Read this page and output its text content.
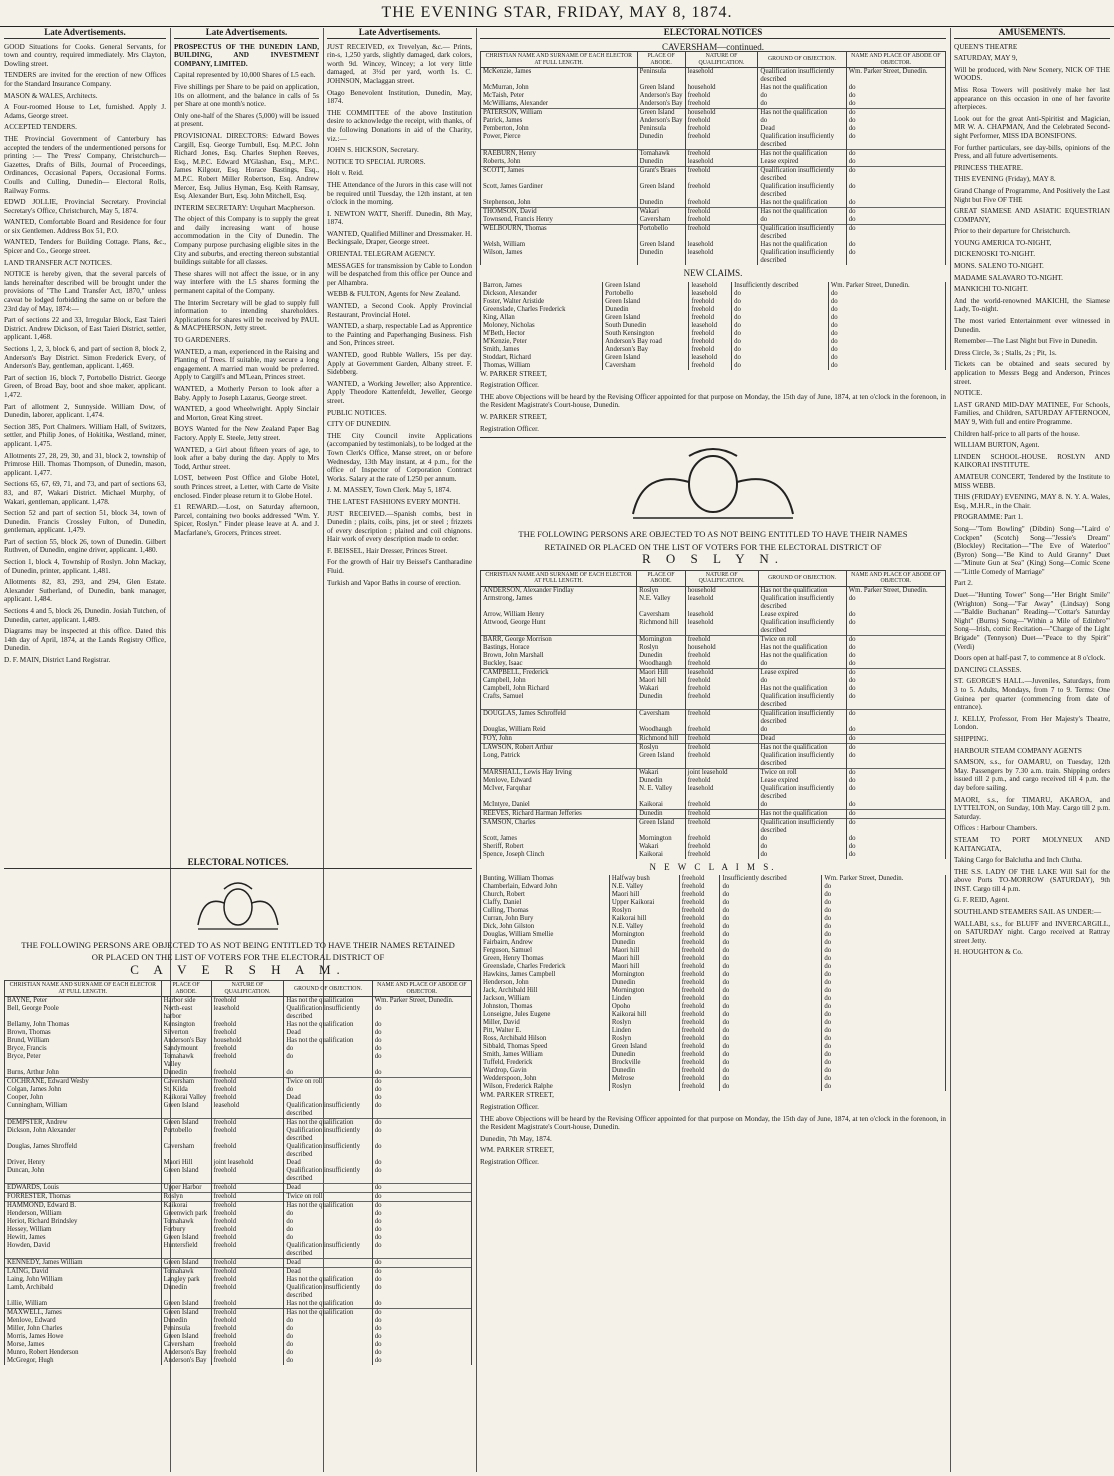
THE EVENING STAR, FRIDAY, MAY 8, 1874.
Late Advertisements.

GOOD Situations for Cooks. General Servants, for town and country, required immediately. Mrs Clayton, Dowling street.

TENDERS are invited for the erection of new Offices for the Standard Insurance Company.

MASON & WALES, Architects.

A Four-roomed House to Let, furnished. Apply J. Adams, George street.

ACCEPTED TENDERS.

THE Provincial Government of Canterbury has accepted the tenders of the undermentioned persons for printing :— The 'Press' Company, Christchurch— Gazettes, Drafts of Bills, Journal of Proceedings, Ordinances, Occasional Papers, Occasional Forms. Coulls and Culling, Dunedin— Electoral Rolls, Railway Forms.

EDWD JOLLIE, Provincial Secretary. Provincial Secretary's Office, Christchurch, May 5, 1874.

WANTED, Comfortable Board and Residence for four or six Gentlemen. Address Box 51, P.O.

WANTED, Tenders for Building Cottage. Plans, &c., Spicer and Co., George street.

LAND TRANSFER ACT NOTICES.

NOTICE is hereby given, that the several parcels of lands hereinafter described will be brought under the provisions of "The Land Transfer Act, 1870," unless caveat be lodged forbidding the same on or before the 23rd day of May, 1874:—

Part of sections 22 and 33, Irregular Block, East Taieri District. Andrew Dickson, of East Taieri District, settler, applicant. 1,468.

Sections 1, 2, 3, block 6, and part of section 8, block 2, Anderson's Bay District. Simon Frederick Every, of Anderson's Bay, gentleman, applicant. 1,469.

Part of section 16, block 7, Portobello District. George Green, of Broad Bay, boot and shoe maker, applicant. 1,472.

Part of allotment 2, Sunnyside. William Dow, of Dunedin, laborer, applicant. 1,474.

Section 385, Port Chalmers. William Hall, of Switzers, settler, and Philip Jones, of Hokitika, Westland, miner, applicant. 1,475.

Allotments 27, 28, 29, 30, and 31, block 2, township of Primrose Hill. Thomas Thompson, of Dunedin, mason, applicant. 1,477.

Sections 65, 67, 69, 71, and 73, and part of sections 63, 83, and 87, Wakari District. Michael Murphy, of Wakari, gentleman, applicant. 1,478.

Section 52 and part of section 51, block 34, town of Dunedin. Francis Crossley Fulton, of Dunedin, gentleman, applicant. 1,479.

Part of section 55, block 26, town of Dunedin. Gilbert Ruthven, of Dunedin, engine driver, applicant. 1,480.

Section 1, block 4, Township of Roslyn. John Mackay, of Dunedin, printer, applicant. 1,481.

Allotments 82, 83, 293, and 294, Glen Estate. Alexander Sutherland, of Dunedin, bank manager, applicant. 1,484.

Sections 4 and 5, block 26, Dunedin. Josiah Tutchen, of Dunedin, carter, applicant. 1,489.

Diagrams may be inspected at this office. Dated this 14th day of April, 1874, at the Lands Registry Office, Dunedin.

D. F. MAIN, District Land Registrar.

Late Advertisements.

PROSPECTUS OF THE DUNEDIN LAND, BUILDING, AND INVESTMENT COMPANY, LIMITED.

Capital represented by 10,000 Shares of L5 each.

Five shillings per Share to be paid on application, 10s on allotment, and the balance in calls of 5s per Share at one month's notice.

Only one-half of the Shares (5,000) will be issued at present.

PROVISIONAL DIRECTORS: Edward Bowes Cargill, Esq. George Turnbull, Esq. M.P.C. John Richard Jones, Esq. Charles Stephen Reeves, Esq., M.P.C. Edward M'Glashan, Esq., M.P.C. James Kilgour, Esq. Horace Bastings, Esq., M.P.C. Robert Miller Robertson, Esq. Andrew Mercer, Esq. Julius Hyman, Esq. Keith Ramsay, Esq. Alexander Burt, Esq. John Mitchell, Esq.

INTERIM SECRETARY: Urquhart Macpherson.

The object of this Company is to supply the great and daily increasing want of house accommodation in the City of Dunedin. The Company purpose purchasing eligible sites in the City and suburbs, and erecting thereon substantial buildings suitable for all classes.

These shares will not affect the issue, or in any way interfere with the L5 shares forming the permanent capital of the Company.

The Interim Secretary will be glad to supply full information to intending shareholders. Applications for shares will be received by PAUL & MACPHERSON, Jetty street.

TO GARDENERS.

WANTED, a man, experienced in the Raising and Planting of Trees. If suitable, may secure a long engagement. A married man would be preferred. Apply to Cargill's and M'Lean, Princes street.

WANTED, a Motherly Person to look after a Baby. Apply to Joseph Lazarus, George street.

WANTED, a good Wheelwright. Apply Sinclair and Morton, Great King street.

BOYS Wanted for the New Zealand Paper Bag Factory. Apply E. Steele, Jetty street.

WANTED, a Girl about fifteen years of age, to look after a baby during the day. Apply to Mrs Todd, Arthur street.

LOST, between Post Office and Globe Hotel, south Princes street, a Letter, with Carte de Visite enclosed. Finder please return it to Globe Hotel.

£1 REWARD.—Lost, on Saturday afternoon, Parcel, containing two books addressed "Wm. Y. Spicer, Roslyn." Finder please leave at A. and J. Macfarlane's, Grocers, Princes street.

Late Advertisements.

JUST RECEIVED, ex Trevelyan, &c.— Prints, rin-s, 1,250 yards, slightly damaged, dark colors, worth 9d. Wincey, Wincey; a lot very little damaged, at 3½d per yard, worth 1s. C. JOHNSON, Maclaggan street.

Otago Benevolent Institution, Dunedin, May, 1874.

THE COMMITTEE of the above Institution desire to acknowledge the receipt, with thanks, of the following Donations in aid of the Charity, viz.:—

JOHN S. HICKSON, Secretary.

NOTICE TO SPECIAL JURORS.

Holt v. Reid.

THE Attendance of the Jurors in this case will not be required until Tuesday, the 12th instant, at ten o'clock in the morning.

I. NEWTON WATT, Sheriff. Dunedin, 8th May, 1874.

WANTED, Qualified Milliner and Dressmaker. H. Beckingsale, Draper, George street.

ORIENTAL TELEGRAM AGENCY.

MESSAGES for transmission by Cable to London will be despatched from this office per Ounce and per Alhambra.

WEBB & FULTON, Agents for New Zealand.

WANTED, a Second Cook. Apply Provincial Restaurant, Provincial Hotel.

WANTED, a sharp, respectable Lad as Apprentice to the Painting and Paperhanging Business. Fish and Son, Princes street.

WANTED, good Rubble Wallers, 15s per day. Apply at Government Garden, Albany street. F. Sidebberg.

WANTED, a Working Jeweller; also Apprentice. Apply Theodore Kattenfeldt, Jeweller, George street.

PUBLIC NOTICES.

CITY OF DUNEDIN.

THE City Council invite Applications (accompanied by testimonials), to be lodged at the Town Clerk's Office, Manse street, on or before Wednesday, 13th May instant, at 4 p.m., for the office of Inspector of Corporation Contract Works. Salary at the rate of L250 per annum.

J. M. MASSEY, Town Clerk. May 5, 1874.

THE LATEST FASHIONS EVERY MONTH.

JUST RECEIVED.—Spanish combs, best in Dunedin ; plaits, coils, pins, jet or steel ; frizzets of every description ; plaited and coil chignons. Hair work of every description made to order.

F. BEISSEL, Hair Dresser, Princes Street.

For the growth of Hair try Beissel's Cantharadine Fluid.

Turkish and Vapor Baths in course of erection.

ELECTORAL NOTICES.
THE FOLLOWING PERSONS ARE OBJECTED TO AS NOT BEING ENTITLED TO HAVE THEIR NAMES RETAINED
OR PLACED ON THE LIST OF VOTERS FOR THE ELECTORAL DISTRICT OF
C A V E R S H A M.
CHRISTIAN NAME AND SURNAME OF EACH ELECTOR AT FULL LENGTH.	PLACE OF ABODE.	NATURE OF QUALIFICATION.	GROUND OF OBJECTION.	NAME AND PLACE OF ABODE OF OBJECTOR.
BAYNE, Peter	Harbor side	freehold	Has not the qualification	Wm. Parker Street, Dunedin.
Bell, George Poole	North-east harbor	leasehold	Qualification insufficiently described	do
Bellamy, John Thomas	Kensington	freehold	Has not the qualification	do
Brown, Thomas	Silverton	freehold	Dead	do
Brund, William	Anderson's Bay	household	Has not the qualification	do
Bryce, Francis	Sandymount	freehold	do	do
Bryce, Peter	Tomahawk Valley	freehold	do	do
Burns, Arthur John	Dunedin	freehold	do	do
COCHRANE, Edward Wesby	Caversham	freehold	Twice on roll	do
Colgan, James John	St. Kilda	freehold	do	do
Cooper, John	Kaikorai Valley	freehold	Dead	do
Cunningham, William	Green Island	leasehold	Qualification insufficiently described	do
DEMPSTER, Andrew	Green Island	freehold	Has not the qualification	do
Dickson, John Alexander	Portobello	freehold	Qualification insufficiently described	do
Douglas, James Shroffeld	Caversham	freehold	Qualification insufficiently described	do
Driver, Henry	Maori Hill	joint leasehold	Dead	do
Duncan, John	Green Island	freehold	Qualification insufficiently described	do
EDWARDS, Louis	Upper Harbor	freehold	Dead	do
FORRESTER, Thomas	Roslyn	freehold	Twice on roll	do
HAMMOND, Edward B.	Kaikorai	freehold	Has not the qualification	do
Henderson, William	Greenwich park	freehold	do	do
Heriot, Richard Brindsley	Tomahawk	freehold	do	do
Hessey, William	Forbury	freehold	do	do
Hewitt, James	Green Island	freehold	do	do
Howden, David	Huntersfield	freehold	Qualification insufficiently described	do
KENNEDY, James William	Green Island	freehold	Dead	do
LAING, David	Tomahawk	freehold	Dead	do
Laing, John William	Langley park	freehold	Has not the qualification	do
Lamb, Archibald	Dunedin	freehold	Qualification insufficiently described	do
Lillie, William	Green Island	freehold	Has not the qualification	do
MAXWELL, James	Green Island	freehold	Has not the qualification	do
Menlove, Edward	Dunedin	freehold	do	do
Miller, John Charles	Peninsula	freehold	do	do
Morris, James Howe	Green Island	freehold	do	do
Morse, James	Caversham	freehold	do	do
Munro, Robert Henderson	Anderson's Bay	freehold	do	do
McGregor, Hugh	Anderson's Bay	freehold	do	do
ELECTORAL NOTICES
CAVERSHAM—continued.
CHRISTIAN NAME AND SURNAME OF EACH ELECTOR AT FULL LENGTH.	PLACE OF ABODE.	NATURE OF QUALIFICATION.	GROUND OF OBJECTION.	NAME AND PLACE OF ABODE OF OBJECTOR.
McKenzie, James	Peninsula	leasehold	Qualification insufficiently described	Wm. Parker Street, Dunedin.
McMurran, John	Green Island	household	Has not the qualification	do
McTaish, Peter	Anderson's Bay	freehold	do	do
McWilliams, Alexander	Anderson's Bay	freehold	do	do
PATERSON, William	Green Island	household	Has not the qualification	do
Patrick, James	Anderson's Bay	freehold	do	do
Pemberton, John	Peninsula	freehold	Dead	do
Power, Pierce	Dunedin	freehold	Qualification insufficiently described	do
RAEBURN, Henry	Tomahawk	freehold	Has not the qualification	do
Roberts, John	Dunedin	leasehold	Lease expired	do
SCOTT, James	Grant's Braes	freehold	Qualification insufficiently described	do
Scott, James Gardiner	Green Island	freehold	Qualification insufficiently described	do
Stephenson, John	Dunedin	freehold	Has not the qualification	do
THOMSON, David	Wakari	freehold	Has not the qualification	do
Townsend, Francis Henry	Caversham	freehold	do	do
WELBOURN, Thomas	Portobello	freehold	Qualification insufficiently described	do
Welsh, William	Green Island	leasehold	Has not the qualification	do
Wilson, James	Dunedin	leasehold	Qualification insufficiently described	do
NEW CLAIMS.
Barron, James	Green Island	leasehold	Insufficiently described	Wm. Parker Street, Dunedin.
Dickson, Alexander	Portobello	leasehold	do	do
Foster, Walter Aristide	Green Island	freehold	do	do
Greenslade, Charles Frederick	Dunedin	freehold	do	do
King, Allan	Green Island	freehold	do	do
Moloney, Nicholas	South Dunedin	leasehold	do	do
M'Beth, Hector	South Kensington	freehold	do	do
M'Kenzie, Peter	Anderson's Bay road	freehold	do	do
Smith, James	Anderson's Bay	freehold	do	do
Stoddart, Richard	Green Island	leasehold	do	do
Thomas, William	Caversham	freehold	do	do

W. PARKER STREET,

Registration Officer.

THE above Objections will be heard by the Revising Officer appointed for that purpose on Monday, the 15th day of June, 1874, at ten o'clock in the forenoon, in the Resident Magistrate's Court-house, Dunedin.

W. PARKER STREET,

Registration Officer.

THE FOLLOWING PERSONS ARE OBJECTED TO AS NOT BEING ENTITLED TO HAVE THEIR NAMES
RETAINED OR PLACED ON THE LIST OF VOTERS FOR THE ELECTORAL DISTRICT OF
R O S L Y N.
CHRISTIAN NAME AND SURNAME OF EACH ELECTOR AT FULL LENGTH.	PLACE OF ABODE.	NATURE OF QUALIFICATION.	GROUND OF OBJECTION.	NAME AND PLACE OF ABODE OF OBJECTOR.
ANDERSON, Alexander Findlay	Roslyn	household	Has not the qualification	Wm. Parker Street, Dunedin.
Armstrong, James	N.E. Valley	leasehold	Qualification insufficiently described	do
Arrow, William Henry	Caversham	leasehold	Lease expired	do
Attwood, George Hunt	Richmond hill	leasehold	Qualification insufficiently described	do
BARR, George Morrison	Mornington	freehold	Twice on roll	do
Bastings, Horace	Roslyn	household	Has not the qualification	do
Brown, John Marshall	Dunedin	freehold	Has not the qualification	do
Buckley, Isaac	Woodhaugh	freehold	do	do
CAMPBELL, Frederick	Maori Hill	leasehold	Lease expired	do
Campbell, John	Maori hill	freehold	do	do
Campbell, John Richard	Wakari	freehold	Has not the qualification	do
Crafts, Samuel	Dunedin	freehold	Qualification insufficiently described	do
DOUGLAS, James Schroffeld	Caversham	freehold	Qualification insufficiently described	do
Douglas, William Reid	Woodhaugh	freehold	do	do
FOY, John	Richmond hill	freehold	Dead	do
LAWSON, Robert Arthur	Roslyn	freehold	Has not the qualification	do
Long, Patrick	Green Island	freehold	Qualification insufficiently described	do
MARSHALL, Lewis Hay Irving	Wakari	joint leasehold	Twice on roll	do
Menlove, Edward	Dunedin	freehold	Lease expired	do
McIver, Farquhar	N. E. Valley	leasehold	Qualification insufficiently described	do
McIntyre, Daniel	Kaikorai	freehold	do	do
REEVES, Richard Harman Jefferies	Dunedin	freehold	Has not the qualification	do
SAMSON, Charles	Green Island	freehold	Qualification insufficiently described	do
Scott, James	Mornington	freehold	do	do
Sheriff, Robert	Wakari	freehold	do	do
Spence, Joseph Clinch	Kaikorai	freehold	do	do
N E W C L A I M S.
Bunting, William Thomas	Halfway bush	freehold	Insufficiently described	Wm. Parker Street, Dunedin.
Chamberlain, Edward John	N.E. Valley	freehold	do	do
Church, Robert	Maori hill	freehold	do	do
Claffy, Daniel	Upper Kaikorai	freehold	do	do
Culling, Thomas	Roslyn	freehold	do	do
Curran, John Bury	Kaikorai hill	freehold	do	do
Dick, John Gilston	N.E. Valley	freehold	do	do
Douglas, William Smellie	Mornington	freehold	do	do
Fairbairn, Andrew	Dunedin	freehold	do	do
Ferguson, Samuel	Maori hill	freehold	do	do
Green, Henry Thomas	Maori hill	freehold	do	do
Greenslade, Charles Frederick	Maori hill	freehold	do	do
Hawkins, James Campbell	Mornington	freehold	do	do
Henderson, John	Dunedin	freehold	do	do
Jack, Archibald Hill	Mornington	freehold	do	do
Jackson, William	Linden	freehold	do	do
Johnston, Thomas	Opoho	freehold	do	do
Lonseigne, Jules Eugene	Kaikorai hill	freehold	do	do
Miller, David	Roslyn	freehold	do	do
Pitt, Walter E.	Linden	freehold	do	do
Ross, Archibald Hilson	Roslyn	freehold	do	do
Sibbald, Thomas Speed	Green Island	freehold	do	do
Smith, James William	Dunedin	freehold	do	do
Tuffeld, Frederick	Brockville	freehold	do	do
Wardrop, Gavin	Dunedin	freehold	do	do
Wedderspoon, John	Melrose	freehold	do	do
Wilson, Frederick Ralphe	Roslyn	freehold	do	do

WM. PARKER STREET,

Registration Officer.

THE above Objections will be heard by the Revising Officer appointed for that purpose on Monday, the 15th day of June, 1874, at ten o'clock in the forenoon, in the Resident Magistrate's Court-house, Dunedin.

Dunedin, 7th May, 1874.

WM. PARKER STREET,

Registration Officer.

AMUSEMENTS.

QUEEN'S THEATRE

SATURDAY, MAY 9,

Will be produced, with New Scenery, NICK OF THE WOODS.

Miss Rosa Towers will positively make her last appearance on this occasion in one of her favorite afterpieces.

Look out for the great Anti-Spiritist and Magician, MR W. A. CHAPMAN, And the Celebrated Second-sight Performer, MISS IDA BONSIFONS.

For further particulars, see day-bills, opinions of the Press, and all future advertisements.

PRINCESS THEATRE.

THIS EVENING (Friday), MAY 8.

Grand Change of Programme, And Positively the Last Night but Five OF THE

GREAT SIAMESE AND ASIATIC EQUESTRIAN COMPANY,

Prior to their departure for Christchurch.

YOUNG AMERICA TO-NIGHT,

DICKENOSKI TO-NIGHT.

MONS. SALENO TO-NIGHT.

MADAME SALAVARO TO-NIGHT.

MANKICHI TO-NIGHT.

And the world-renowned MAKICHI, the Siamese Lady, To-night.

The most varied Entertainment ever witnessed in Dunedin.

Remember—The Last Night but Five in Dunedin.

Dress Circle, 3s ; Stalls, 2s ; Pit, 1s.

Tickets can be obtained and seats secured by application to Messrs Begg and Anderson, Princes street.

NOTICE.

LAST GRAND MID-DAY MATINEE, For Schools, Families, and Children, SATURDAY AFTERNOON, MAY 9, With full and entire Programme.

Children half-price to all parts of the house.

WILLIAM BURTON, Agent.

LINDEN SCHOOL-HOUSE. ROSLYN AND KAIKORAI INSTITUTE.

AMATEUR CONCERT, Tendered by the Institute to MISS WEBB.

THIS (FRIDAY) EVENING, MAY 8. N. Y. A. Wales, Esq., M.H.R., in the Chair.

PROGRAMME: Part 1.

Song—"Tom Bowling" (Dibdin) Song—"Laird o' Cockpen" (Scotch) Song—"Jessie's Dream" (Blockley) Recitation—"The Eve of Waterloo" (Byron) Song—"Be Kind to Auld Granny" Duet—"Minute Gun at Sea" (King) Song—Comic Scene—"Little Comedy of Marriage"

Part 2.

Duet—"Hunting Tower" Song—"Her Bright Smile" (Wrighton) Song—"Far Away" (Lindsay) Song—"Baldie Buchanan" Reading—"Cottar's Saturday Night" (Burns) Song—"Within a Mile of Edinbro'" Song—Irish, comic Recitation—"Charge of the Light Brigade" (Tennyson) Duet—"Peace to thy Spirit" (Verdi)

Doors open at half-past 7, to commence at 8 o'clock.

DANCING CLASSES.

ST. GEORGE'S HALL.—Juveniles, Saturdays, from 3 to 5. Adults, Mondays, from 7 to 9. Terms: One Guinea per quarter (commencing from date of entrance).

J. KELLY, Professor, From Her Majesty's Theatre, London.

SHIPPING.

HARBOUR STEAM COMPANY AGENTS

SAMSON, s.s., for OAMARU, on Tuesday, 12th May. Passengers by 7.30 a.m. train. Shipping orders issued till 2 p.m., and cargo received till 4 p.m. the day before sailing.

MAORI, s.s., for TIMARU, AKAROA, and LYTTELTON, on Sunday, 10th May. Cargo till 2 p.m. Saturday.

Offices : Harbour Chambers.

STEAM TO PORT MOLYNEUX AND KAITANGATA,

Taking Cargo for Balclutha and Inch Clutha.

THE S.S. LADY OF THE LAKE Will Sail for the above Ports TO-MORROW (SATURDAY), 9th INST. Cargo till 4 p.m.

G. F. REID, Agent.

SOUTHLAND STEAMERS SAIL AS UNDER:—

WALLABI, s.s., for BLUFF and INVERCARGILL, on SATURDAY night. Cargo received at Rattray street Jetty.

H. HOUGHTON & Co.
